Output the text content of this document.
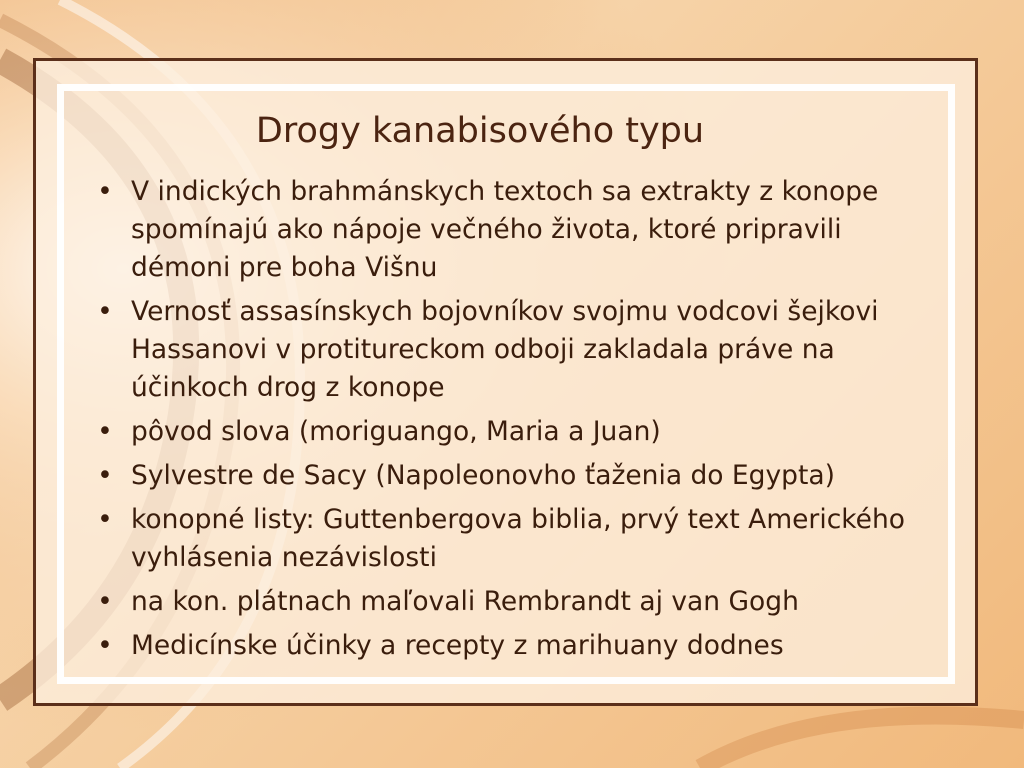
Drogy kanabisového typu
• V indických brahmánskych textoch sa extrakty z konope spomínajú ako nápoje večného života, ktoré pripravili démoni pre boha Višnu
• Vernosť assasínskych bojovníkov svojmu vodcovi šejkovi Hassanovi v protitureckom odboji zakladala práve na účinkoch drog z konope
• pôvod slova (moriguango, Maria a Juan)
• Sylvestre de Sacy (Napoleonovho ťaženia do Egypta)
• konopné listy: Guttenbergova biblia, prvý text Amerického vyhlásenia nezávislosti
• na kon. plátnach maľovali Rembrandt aj van Gogh
• Medicínske účinky a recepty z marihuany dodnes
